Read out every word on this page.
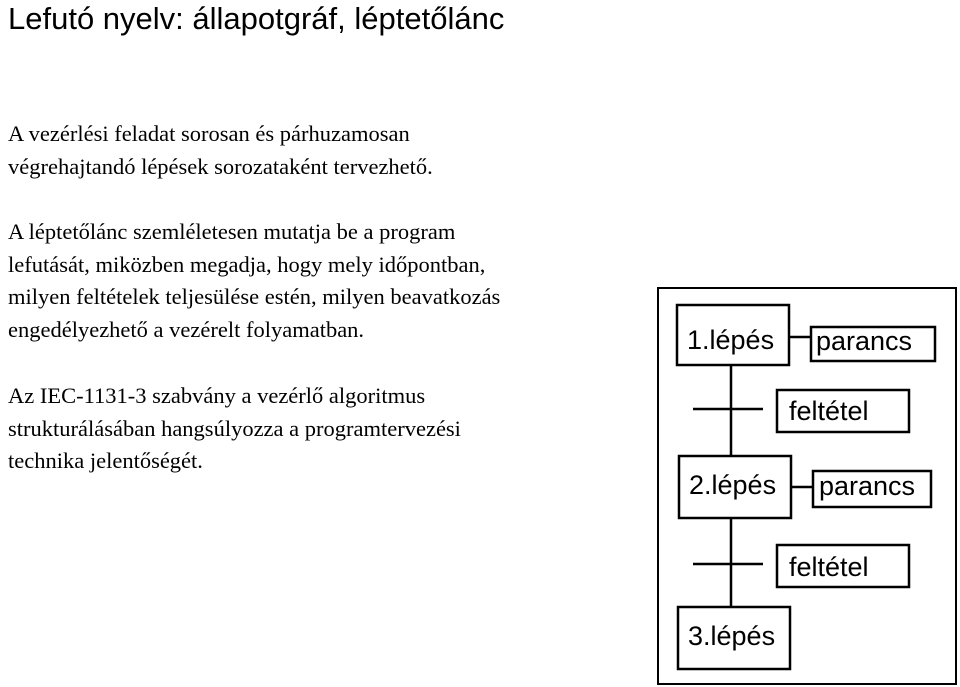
Lefutó nyelv: állapotgráf, léptetőlánc
A vezérlési feladat sorosan és párhuzamosan
végrehajtandó lépések sorozataként tervezhető.
A léptetőlánc szemléletesen mutatja be a program
lefutását, miközben megadja, hogy mely időpontban,
milyen feltételek teljesülése estén, milyen beavatkozás
engedélyezhető a vezérelt folyamatban.
Az IEC-1131-3 szabvány a vezérlő algoritmus
strukturálásában hangsúlyozza a programtervezési
technika jelentőségét.
1.lépés
2.lépés
3.lépés
parancs
parancs
feltétel
feltétel
